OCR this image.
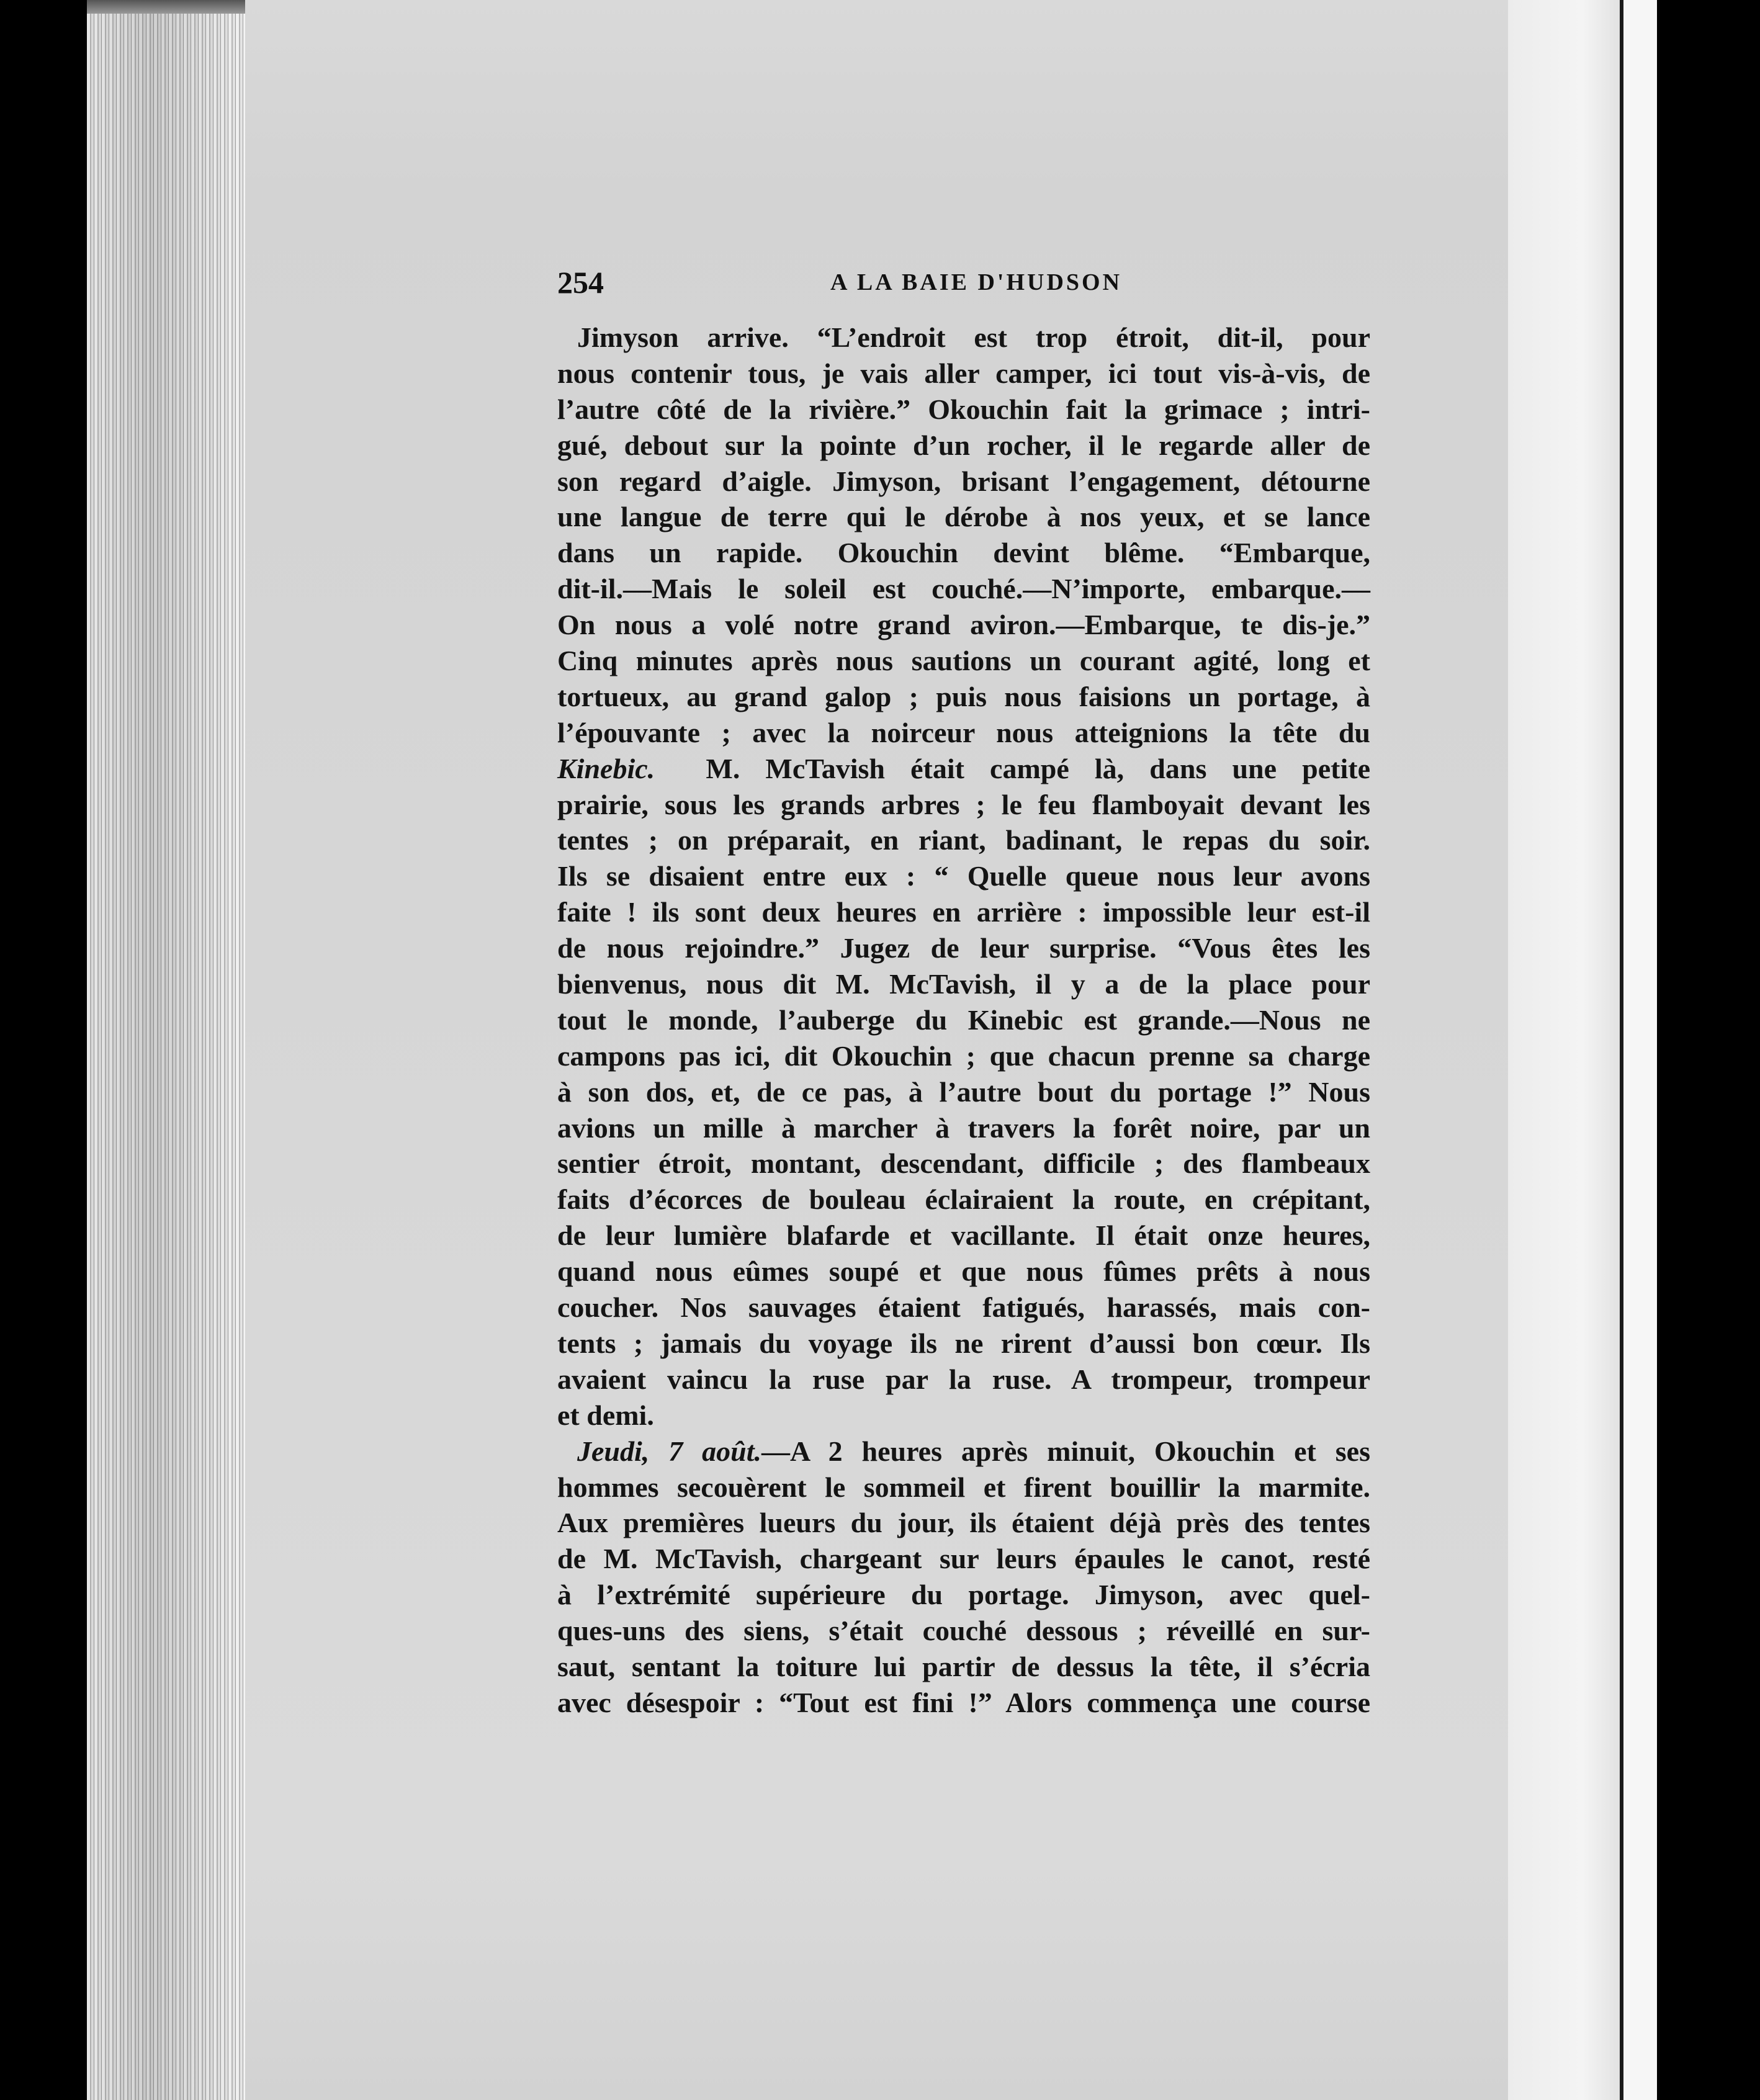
254	A LA BAIE D'HUDSON
Jimyson arrive. “L’endroit est trop étroit, dit-il, pour
nous contenir tous, je vais aller camper, ici tout vis-à-vis, de
l’autre côté de la rivière.” Okouchin fait la grimace ; intri-
gué, debout sur la pointe d’un rocher, il le regarde aller de
son regard d’aigle. Jimyson, brisant l’engagement, détourne
une langue de terre qui le dérobe à nos yeux, et se lance
dans un rapide. Okouchin devint blême. “Embarque,
dit-il.—Mais le soleil est couché.—N’importe, embarque.—
On nous a volé notre grand aviron.—Embarque, te dis-je.”
Cinq minutes après nous sautions un courant agité, long et
tortueux, au grand galop ; puis nous faisions un portage, à
l’épouvante ; avec la noirceur nous atteignions la tête du
Kinebic. M. McTavish était campé là, dans une petite
prairie, sous les grands arbres ; le feu flamboyait devant les
tentes ; on préparait, en riant, badinant, le repas du soir.
Ils se disaient entre eux : “ Quelle queue nous leur avons
faite ! ils sont deux heures en arrière : impossible leur est-il
de nous rejoindre.” Jugez de leur surprise. “Vous êtes les
bienvenus, nous dit M. McTavish, il y a de la place pour
tout le monde, l’auberge du Kinebic est grande.—Nous ne
campons pas ici, dit Okouchin ; que chacun prenne sa charge
à son dos, et, de ce pas, à l’autre bout du portage !” Nous
avions un mille à marcher à travers la forêt noire, par un
sentier étroit, montant, descendant, difficile ; des flambeaux
faits d’écorces de bouleau éclairaient la route, en crépitant,
de leur lumière blafarde et vacillante. Il était onze heures,
quand nous eûmes soupé et que nous fûmes prêts à nous
coucher. Nos sauvages étaient fatigués, harassés, mais con-
tents ; jamais du voyage ils ne rirent d’aussi bon cœur. Ils
avaient vaincu la ruse par la ruse. A trompeur, trompeur
et demi.
Jeudi, 7 août.—A 2 heures après minuit, Okouchin et ses
hommes secouèrent le sommeil et firent bouillir la marmite.
Aux premières lueurs du jour, ils étaient déjà près des tentes
de M. McTavish, chargeant sur leurs épaules le canot, resté
à l’extrémité supérieure du portage. Jimyson, avec quel-
ques-uns des siens, s’était couché dessous ; réveillé en sur-
saut, sentant la toiture lui partir de dessus la tête, il s’écria
avec désespoir : “Tout est fini !” Alors commença une course
